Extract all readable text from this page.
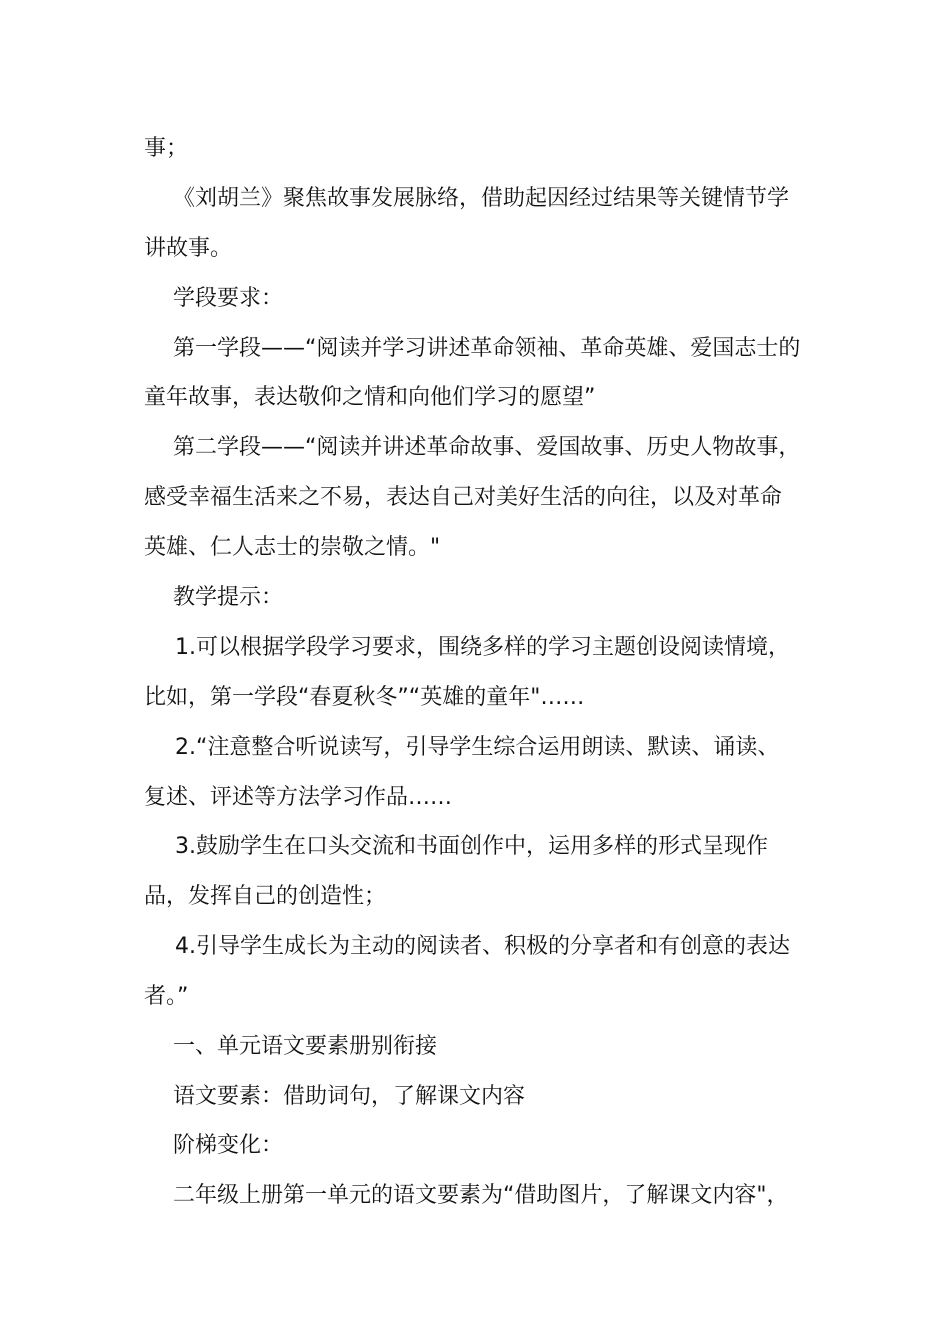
事；
《刘胡兰》聚焦故事发展脉络，借助起因经过结果等关键情节学
讲故事。
学段要求：
第一学段——“阅读并学习讲述革命领袖、革命英雄、爱国志士的
童年故事，表达敬仰之情和向他们学习的愿望”
第二学段——“阅读并讲述革命故事、爱国故事、历史人物故事，
感受幸福生活来之不易，表达自己对美好生活的向往，以及对革命
英雄、仁人志士的崇敬之情。"
教学提示：
1.可以根据学段学习要求，围绕多样的学习主题创设阅读情境，
比如，第一学段“春夏秋冬”“英雄的童年"……
2.“注意整合听说读写，引导学生综合运用朗读、默读、诵读、
复述、评述等方法学习作品……
3.鼓励学生在口头交流和书面创作中，运用多样的形式呈现作
品，发挥自己的创造性；
4.引导学生成长为主动的阅读者、积极的分享者和有创意的表达
者。”
一、单元语文要素册别衔接
语文要素：借助词句，了解课文内容
阶梯变化：
二年级上册第一单元的语文要素为“借助图片，了解课文内容"，
